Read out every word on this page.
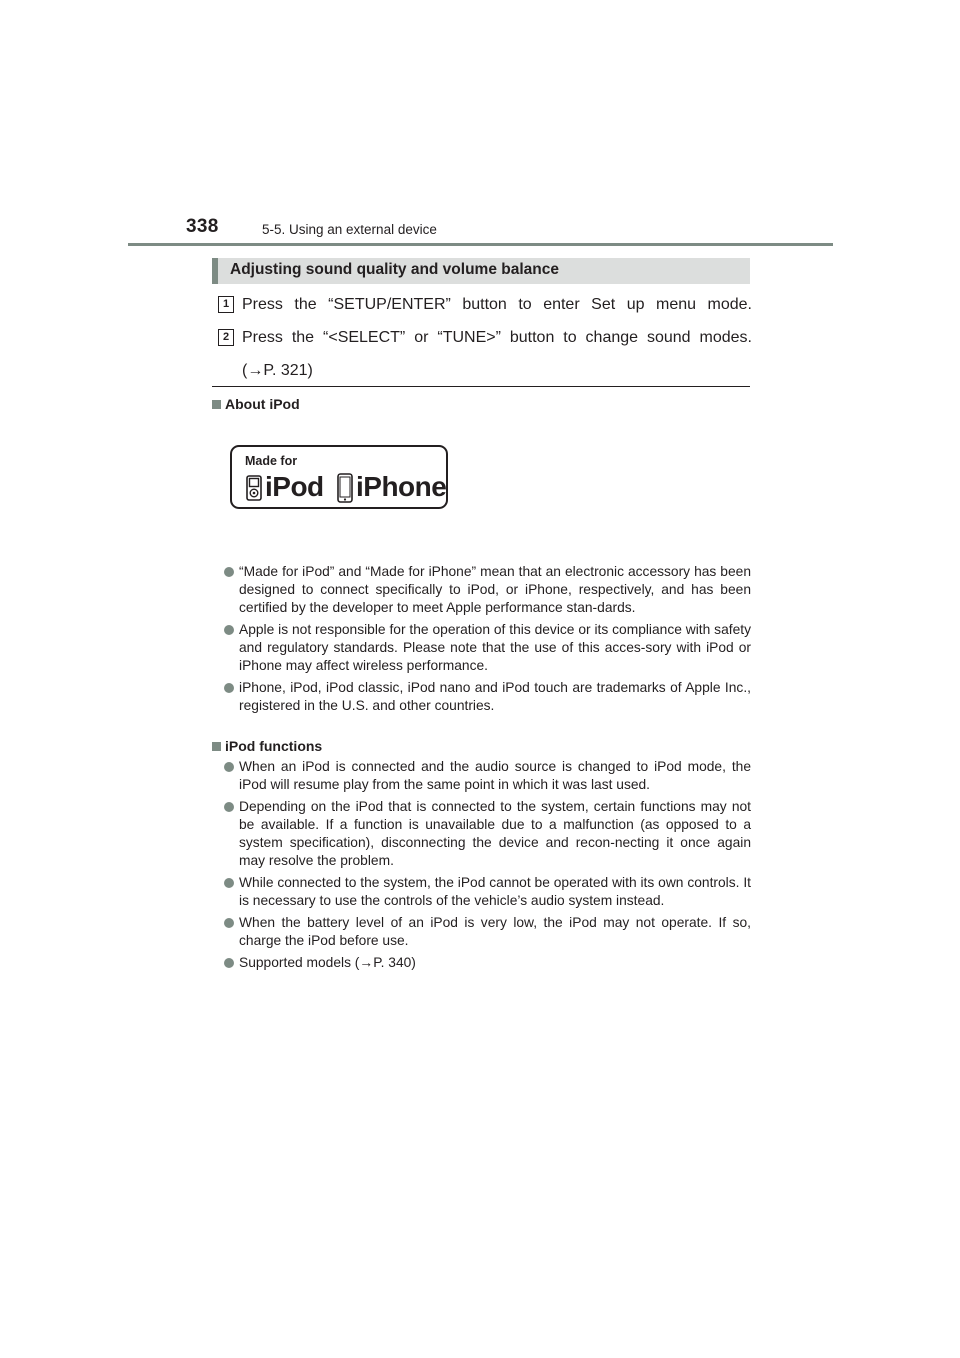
338	5-5. Using an external device
Adjusting sound quality and volume balance
1 Press the “SETUP/ENTER” button to enter Set up menu mode.
2 Press the “<SELECT” or “TUNE>” button to change sound modes.
(→P. 321)
About iPod
Made for
iPod iPhone
“Made for iPod” and “Made for iPhone” mean that an electronic accessory has been designed to connect specifically to iPod, or iPhone, respectively, and has been certified by the developer to meet Apple performance stan-dards.
Apple is not responsible for the operation of this device or its compliance with safety and regulatory standards. Please note that the use of this acces-sory with iPod or iPhone may affect wireless performance.
iPhone, iPod, iPod classic, iPod nano and iPod touch are trademarks of Apple Inc., registered in the U.S. and other countries.
iPod functions
When an iPod is connected and the audio source is changed to iPod mode, the iPod will resume play from the same point in which it was last used.
Depending on the iPod that is connected to the system, certain functions may not be available. If a function is unavailable due to a malfunction (as opposed to a system specification), disconnecting the device and recon-necting it once again may resolve the problem.
While connected to the system, the iPod cannot be operated with its own controls. It is necessary to use the controls of the vehicle’s audio system instead.
When the battery level of an iPod is very low, the iPod may not operate. If so, charge the iPod before use.
Supported models (→P. 340)
